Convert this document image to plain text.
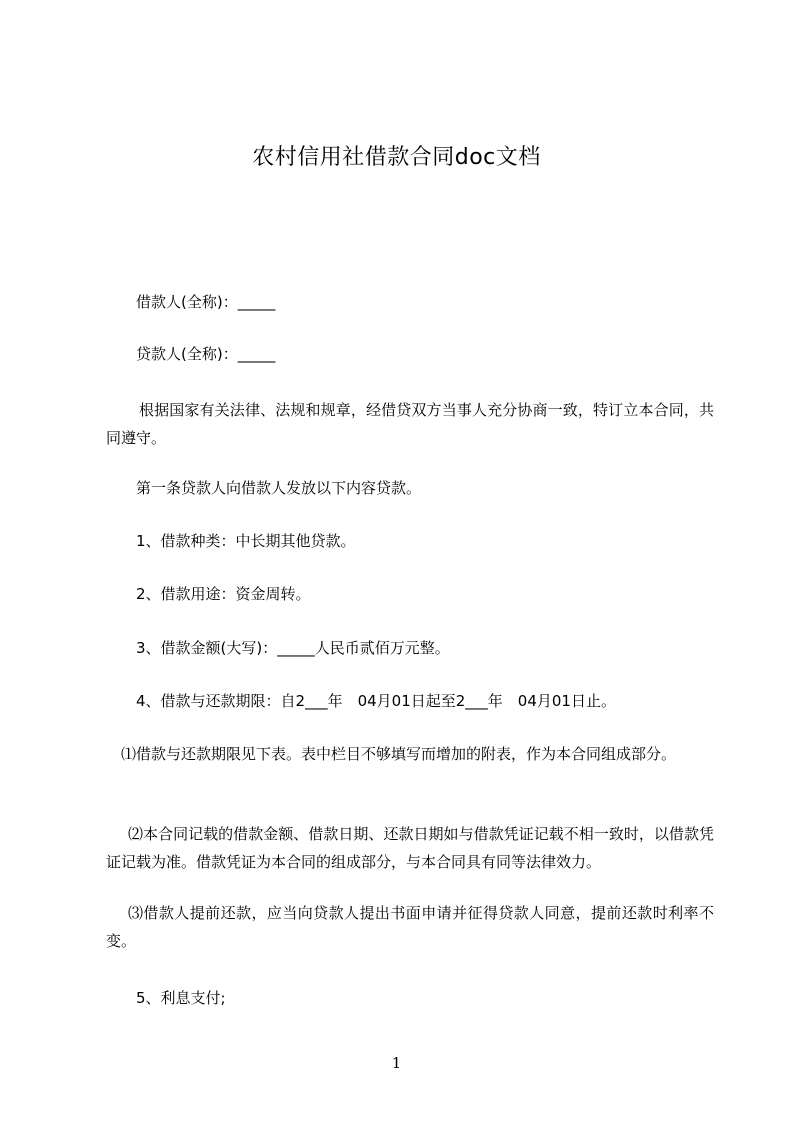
农村信用社借款合同doc文档
借款人(全称)：_____
贷款人(全称)：_____
根据国家有关法律、法规和规章，经借贷双方当事人充分协商一致，特订立本合同，共同遵守。
第一条贷款人向借款人发放以下内容贷款。
1、借款种类：中长期其他贷款。
2、借款用途：资金周转。
3、借款金额(大写)：_____人民币贰佰万元整。
4、借款与还款期限：自2___年　04月01日起至2___年　04月01日止。
⑴借款与还款期限见下表。表中栏目不够填写而增加的附表，作为本合同组成部分。
⑵本合同记载的借款金额、借款日期、还款日期如与借款凭证记载不相一致时，以借款凭证记载为准。借款凭证为本合同的组成部分，与本合同具有同等法律效力。
⑶借款人提前还款，应当向贷款人提出书面申请并征得贷款人同意，提前还款时利率不变。
5、利息支付;
1
